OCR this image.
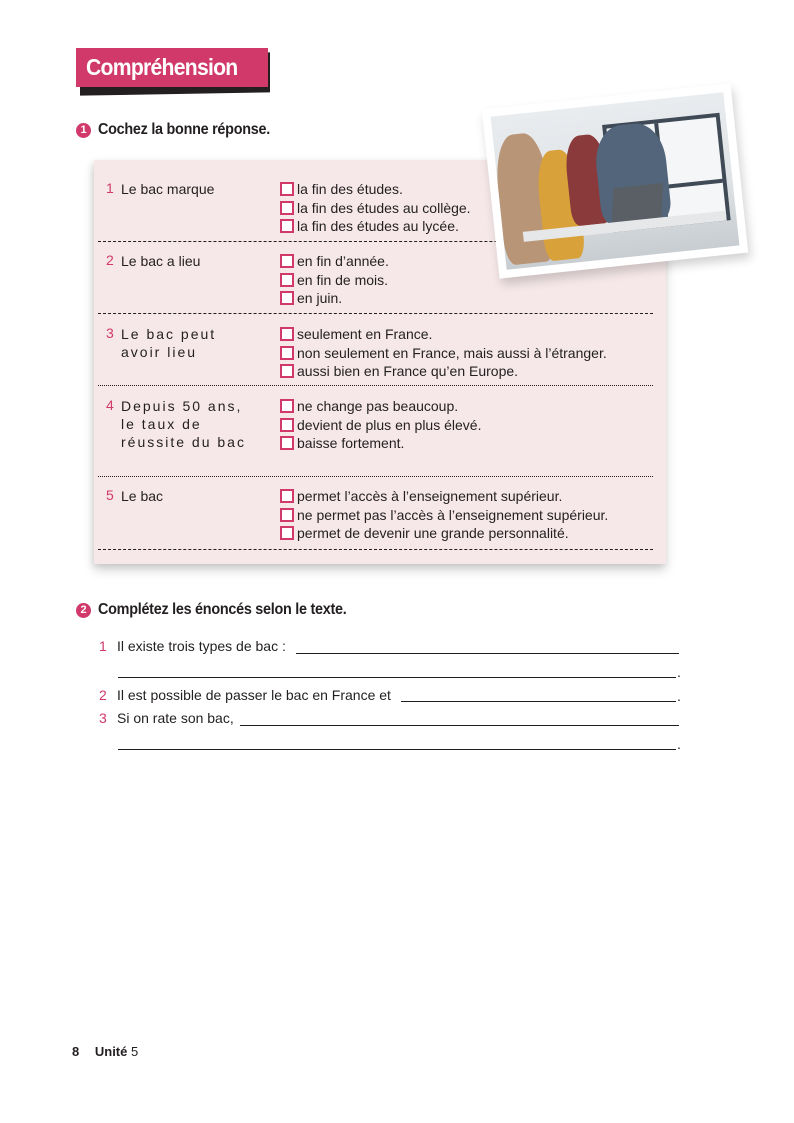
Compréhension
1 Cochez la bonne réponse.
1 Le bac marque	la fin des études.
la fin des études au collège.
la fin des études au lycée.
2 Le bac a lieu	en fin d’année.
en fin de mois.
en juin.
3 Le bac peut avoir lieu
seulement en France.
non seulement en France, mais aussi à l’étranger.
aussi bien en France qu’en Europe.
4 Depuis 50 ans, le taux de réussite du bac
ne change pas beaucoup.
devient de plus en plus élevé.
baisse fortement.
5 Le bac	permet l’accès à l’enseignement supérieur.
ne permet pas l’accès à l’enseignement supérieur.
permet de devenir une grande personnalité.
2 Complétez les énoncés selon le texte.
1 Il existe trois types de bac :
.
2 Il est possible de passer le bac en France et	.
3 Si on rate son bac,
.
8 Unité 5
